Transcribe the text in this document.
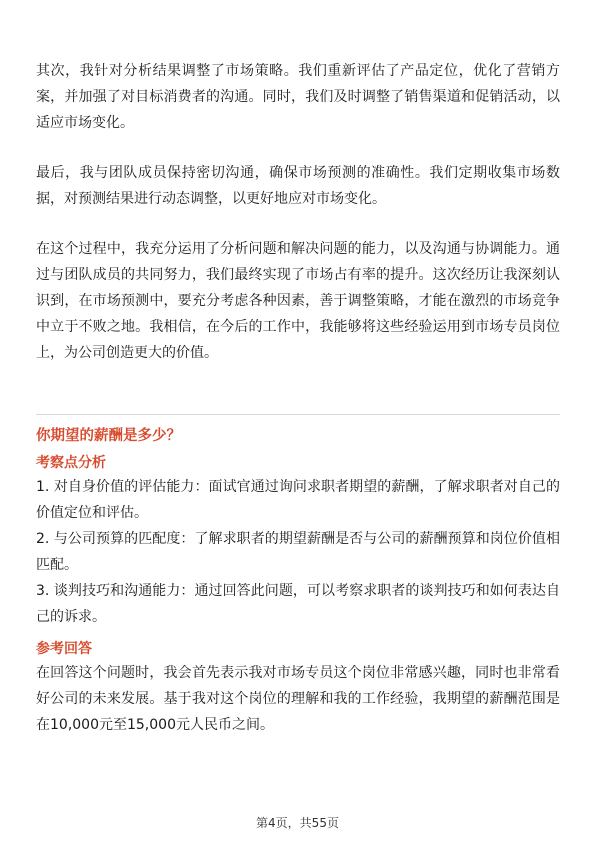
其次，我针对分析结果调整了市场策略。我们重新评估了产品定位，优化了营销方案，并加强了对目标消费者的沟通。同时，我们及时调整了销售渠道和促销活动，以适应市场变化。

最后，我与团队成员保持密切沟通，确保市场预测的准确性。我们定期收集市场数据，对预测结果进行动态调整，以更好地应对市场变化。

在这个过程中，我充分运用了分析问题和解决问题的能力，以及沟通与协调能力。通过与团队成员的共同努力，我们最终实现了市场占有率的提升。这次经历让我深刻认识到，在市场预测中，要充分考虑各种因素，善于调整策略，才能在激烈的市场竞争中立于不败之地。我相信，在今后的工作中，我能够将这些经验运用到市场专员岗位上，为公司创造更大的价值。

你期望的薪酬是多少？

考察点分析

1. 对自身价值的评估能力：面试官通过询问求职者期望的薪酬，了解求职者对自己的价值定位和评估。

2. 与公司预算的匹配度：了解求职者的期望薪酬是否与公司的薪酬预算和岗位价值相匹配。

3. 谈判技巧和沟通能力：通过回答此问题，可以考察求职者的谈判技巧和如何表达自己的诉求。

参考回答

在回答这个问题时，我会首先表示我对市场专员这个岗位非常感兴趣，同时也非常看好公司的未来发展。基于我对这个岗位的理解和我的工作经验，我期望的薪酬范围是在10,000元至15,000元人民币之间。

第4页，共55页
